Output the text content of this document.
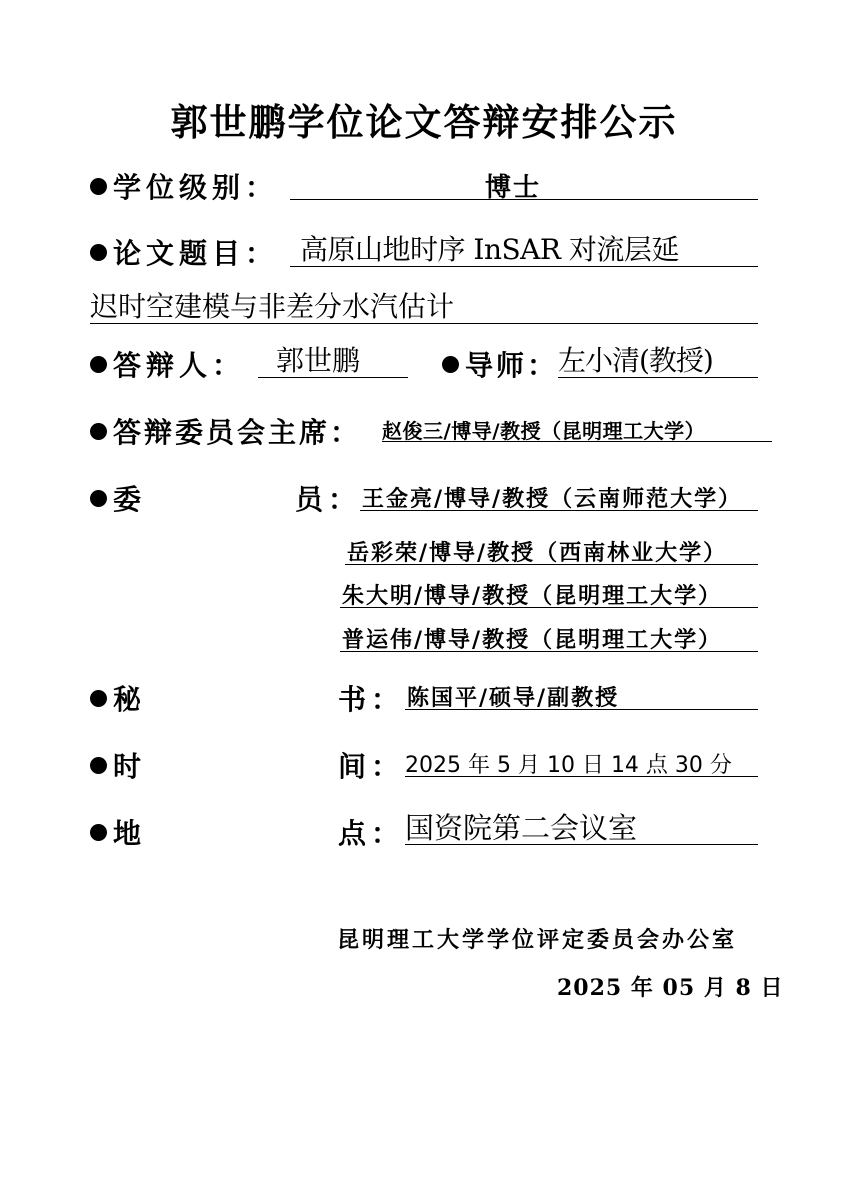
郭世鹏学位论文答辩安排公示
学位级别：	博士
论文题目： 高原山地时序 InSAR 对流层延
迟时空建模与非差分水汽估计
答辩人： 郭世鹏	导师： 左小清(教授)
答辩委员会主席： 赵俊三/博导/教授（昆明理工大学）
委	员： 王金亮/博导/教授（云南师范大学）
岳彩荣/博导/教授（西南林业大学）
朱大明/博导/教授（昆明理工大学）
普运伟/博导/教授（昆明理工大学）
秘	书： 陈国平/硕导/副教授
时	间： 2025 年 5 月 10 日 14 点 30 分
地	点： 国资院第二会议室
昆明理工大学学位评定委员会办公室
2025 年 05 月 8 日
